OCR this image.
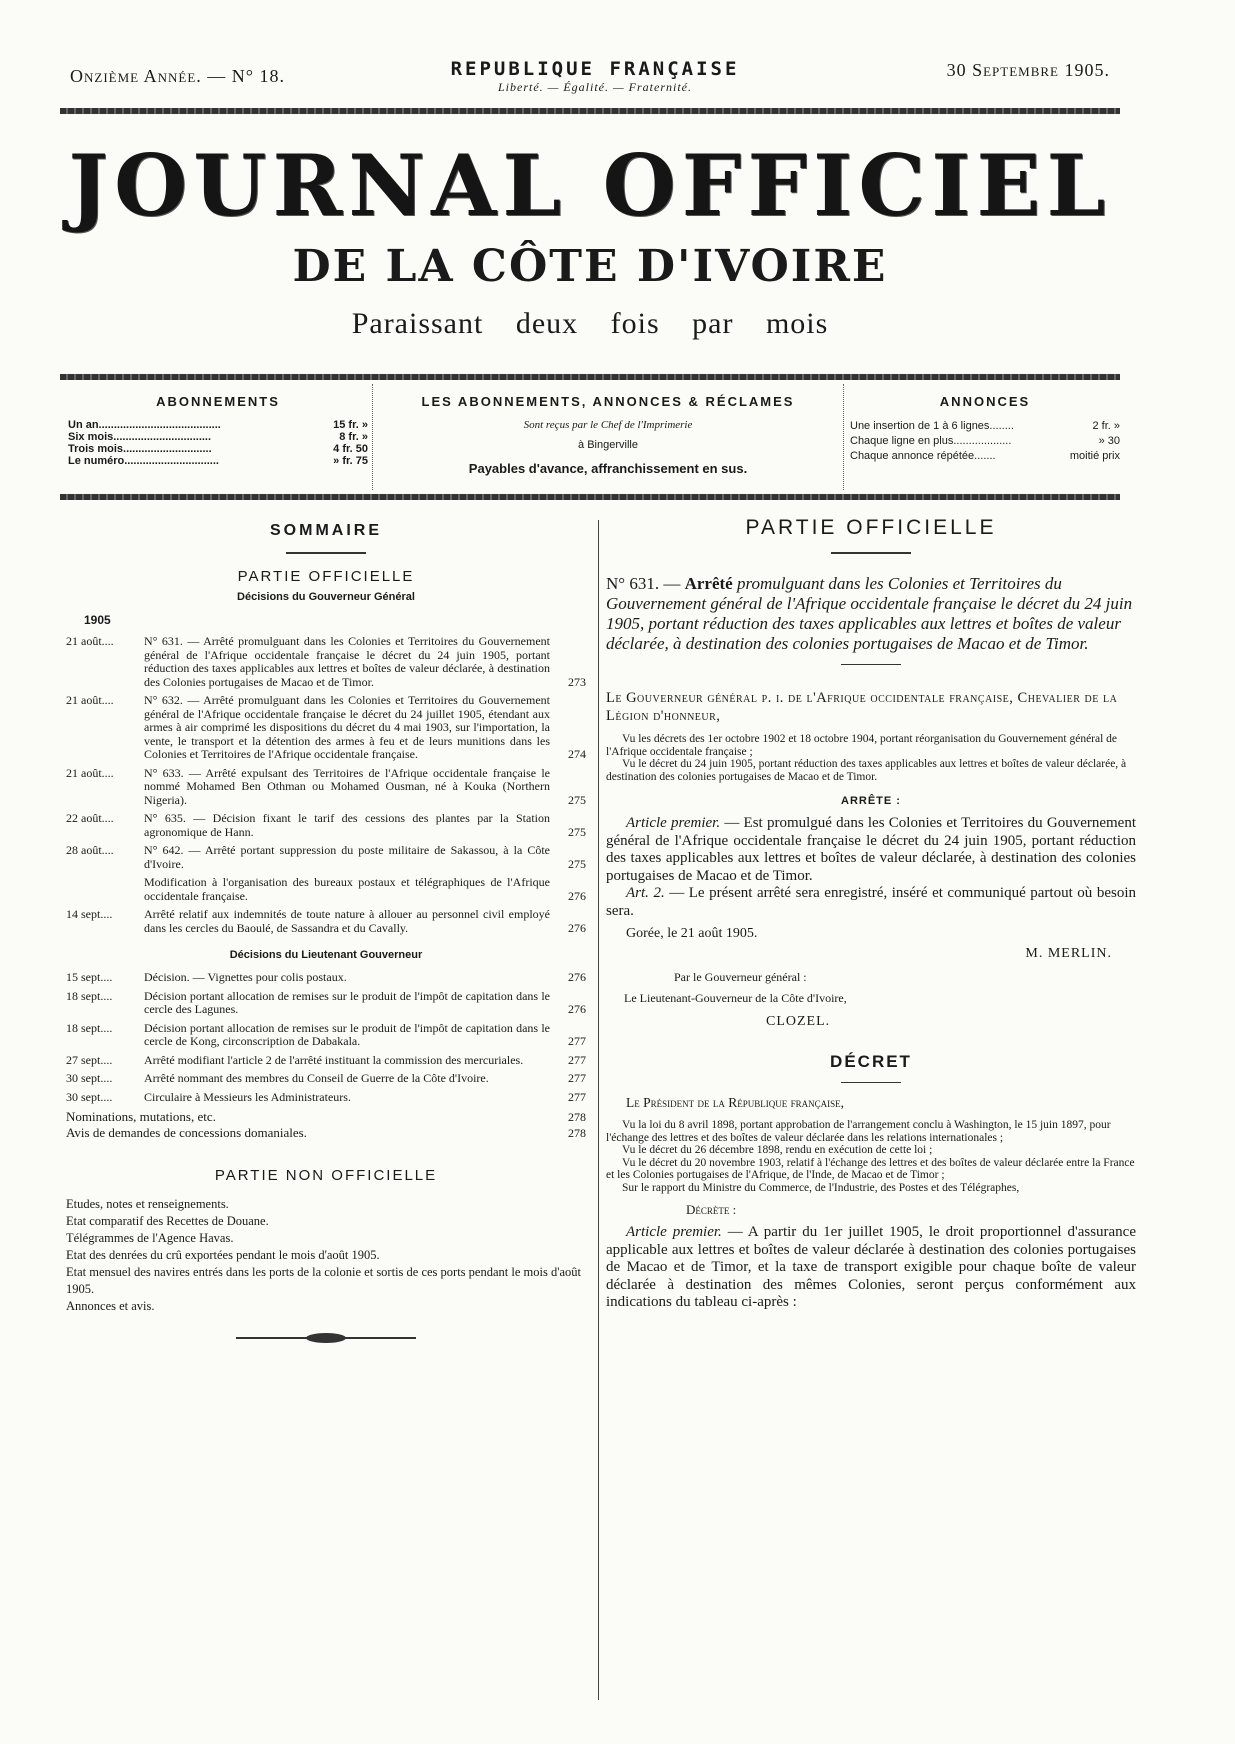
Onzième Année. — N° 18.	REPUBLIQUE FRANÇAISE
Liberté. — Égalité. — Fraternité.
30 Septembre 1905.
JOURNAL OFFICIEL
DE LA CÔTE D'IVOIRE
Paraissant deux fois par mois
ABONNEMENTS
Un an........................................	15 fr. »
Six mois................................	8 fr. »
Trois mois.............................	4 fr. 50
Le numéro...............................	» fr. 75
LES ABONNEMENTS, ANNONCES & RÉCLAMES
Sont reçus par le Chef de l'Imprimerie
à Bingerville
Payables d'avance, affranchissement en sus.
ANNONCES
Une insertion de 1 à 6 lignes........	2 fr. »
Chaque ligne en plus...................	» 30
Chaque annonce répétée.......	moitié prix
SOMMAIRE
PARTIE OFFICIELLE
Décisions du Gouverneur Général
1905
21 août....	N° 631. — Arrêté promulguant dans les Colonies et Territoires du Gouvernement général de l'Afrique occidentale française le décret du 24 juin 1905, portant réduction des taxes applicables aux lettres et boîtes de valeur déclarée, à destination des Colonies portugaises de Macao et de Timor.	273
21 août....	N° 632. — Arrêté promulguant dans les Colonies et Territoires du Gouvernement général de l'Afrique occidentale française le décret du 24 juillet 1905, étendant aux armes à air comprimé les dispositions du décret du 4 mai 1903, sur l'importation, la vente, le transport et la détention des armes à feu et de leurs munitions dans les Colonies et Territoires de l'Afrique occidentale française.	274
21 août....	N° 633. — Arrêté expulsant des Territoires de l'Afrique occidentale française le nommé Mohamed Ben Othman ou Mohamed Ousman, né à Kouka (Northern Nigeria).	275
22 août....	N° 635. — Décision fixant le tarif des cessions des plantes par la Station agronomique de Hann.	275
28 août....	N° 642. — Arrêté portant suppression du poste militaire de Sakassou, à la Côte d'Ivoire.	275
Modification à l'organisation des bureaux postaux et télégraphiques de l'Afrique occidentale française.	276
14 sept....	Arrêté relatif aux indemnités de toute nature à allouer au personnel civil employé dans les cercles du Baoulé, de Sassandra et du Cavally.	276
Décisions du Lieutenant Gouverneur
15 sept....	Décision. — Vignettes pour colis postaux.	276
18 sept....	Décision portant allocation de remises sur le produit de l'impôt de capitation dans le cercle des Lagunes.	276
18 sept....	Décision portant allocation de remises sur le produit de l'impôt de capitation dans le cercle de Kong, circonscription de Dabakala.	277
27 sept....	Arrêté modifiant l'article 2 de l'arrêté instituant la commission des mercuriales.	277
30 sept....	Arrêté nommant des membres du Conseil de Guerre de la Côte d'Ivoire.	277
30 sept....	Circulaire à Messieurs les Administrateurs.	277
Nominations, mutations, etc.	278
Avis de demandes de concessions domaniales.	278
PARTIE NON OFFICIELLE
Etudes, notes et renseignements.
Etat comparatif des Recettes de Douane.
Télégrammes de l'Agence Havas.
Etat des denrées du crû exportées pendant le mois d'août 1905.
Etat mensuel des navires entrés dans les ports de la colonie et sortis de ces ports pendant le mois d'août 1905.
Annonces et avis.
PARTIE OFFICIELLE
N° 631. — Arrêté promulguant dans les Colonies et Territoires du Gouvernement général de l'Afrique occidentale française le décret du 24 juin 1905, portant réduction des taxes applicables aux lettres et boîtes de valeur déclarée, à destination des colonies portugaises de Macao et de Timor.
Le Gouverneur général p. i. de l'Afrique occidentale française, Chevalier de la Légion d'honneur,
Vu les décrets des 1er octobre 1902 et 18 octobre 1904, portant réorganisation du Gouvernement général de l'Afrique occidentale française ;
Vu le décret du 24 juin 1905, portant réduction des taxes applicables aux lettres et boîtes de valeur déclarée, à destination des colonies portugaises de Macao et de Timor.
ARRÊTE :
Article premier. — Est promulgué dans les Colonies et Territoires du Gouvernement général de l'Afrique occidentale française le décret du 24 juin 1905, portant réduction des taxes applicables aux lettres et boîtes de valeur déclarée, à destination des colonies portugaises de Macao et de Timor.
Art. 2. — Le présent arrêté sera enregistré, inséré et communiqué partout où besoin sera.
Gorée, le 21 août 1905.
M. MERLIN.
Par le Gouverneur général :
Le Lieutenant-Gouverneur de la Côte d'Ivoire,
CLOZEL.
DÉCRET
Le Président de la République française,
Vu la loi du 8 avril 1898, portant approbation de l'arrangement conclu à Washington, le 15 juin 1897, pour l'échange des lettres et des boîtes de valeur déclarée dans les relations internationales ;
Vu le décret du 26 décembre 1898, rendu en exécution de cette loi ;
Vu le décret du 20 novembre 1903, relatif à l'échange des lettres et des boîtes de valeur déclarée entre la France et les Colonies portugaises de l'Afrique, de l'Inde, de Macao et de Timor ;
Sur le rapport du Ministre du Commerce, de l'Industrie, des Postes et des Télégraphes,
Décrète :
Article premier. — A partir du 1er juillet 1905, le droit proportionnel d'assurance applicable aux lettres et boîtes de valeur déclarée à destination des colonies portugaises de Macao et de Timor, et la taxe de transport exigible pour chaque boîte de valeur déclarée à destination des mêmes Colonies, seront perçus conformément aux indications du tableau ci-après :
